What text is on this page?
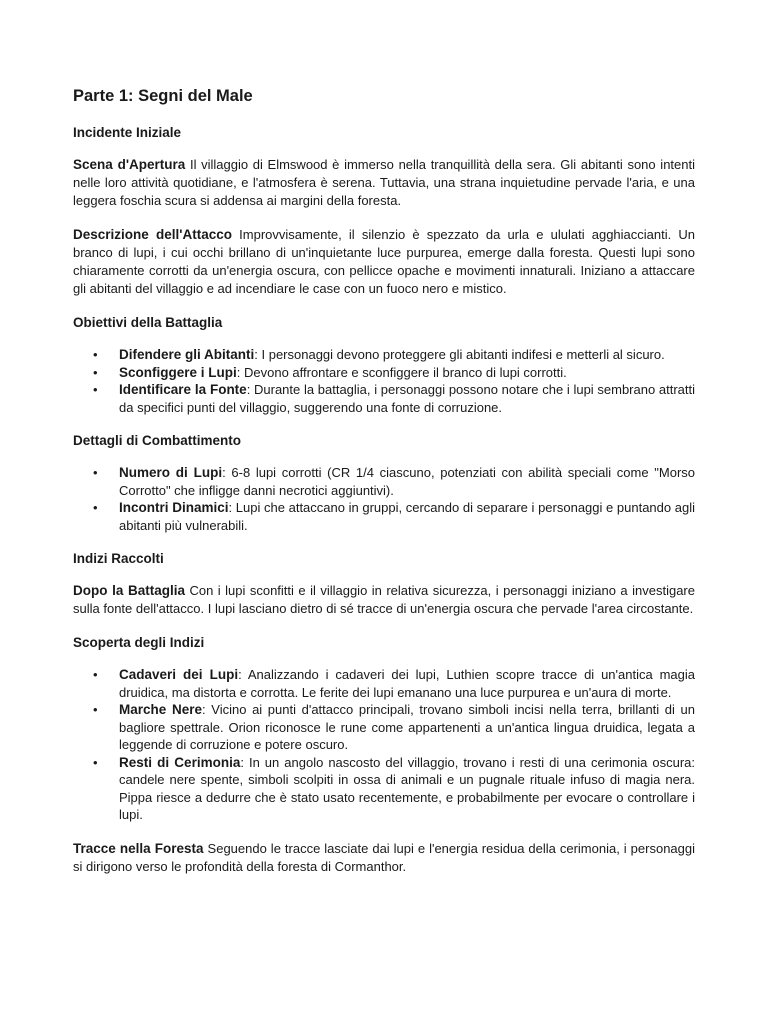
Parte 1: Segni del Male
Incidente Iniziale

Scena d'Apertura Il villaggio di Elmswood è immerso nella tranquillità della sera. Gli abitanti sono intenti nelle loro attività quotidiane, e l'atmosfera è serena. Tuttavia, una strana inquietudine pervade l'aria, e una leggera foschia scura si addensa ai margini della foresta.

Descrizione dell'Attacco Improvvisamente, il silenzio è spezzato da urla e ululati agghiaccianti. Un branco di lupi, i cui occhi brillano di un'inquietante luce purpurea, emerge dalla foresta. Questi lupi sono chiaramente corrotti da un'energia oscura, con pellicce opache e movimenti innaturali. Iniziano a attaccare gli abitanti del villaggio e ad incendiare le case con un fuoco nero e mistico.

Obiettivi della Battaglia
• Difendere gli Abitanti: I personaggi devono proteggere gli abitanti indifesi e metterli al sicuro.
• Sconfiggere i Lupi: Devono affrontare e sconfiggere il branco di lupi corrotti.
• Identificare la Fonte: Durante la battaglia, i personaggi possono notare che i lupi sembrano attratti da specifici punti del villaggio, suggerendo una fonte di corruzione.
Dettagli di Combattimento
• Numero di Lupi: 6-8 lupi corrotti (CR 1/4 ciascuno, potenziati con abilità speciali come "Morso Corrotto" che infligge danni necrotici aggiuntivi).
• Incontri Dinamici: Lupi che attaccano in gruppi, cercando di separare i personaggi e puntando agli abitanti più vulnerabili.
Indizi Raccolti

Dopo la Battaglia Con i lupi sconfitti e il villaggio in relativa sicurezza, i personaggi iniziano a investigare sulla fonte dell'attacco. I lupi lasciano dietro di sé tracce di un'energia oscura che pervade l'area circostante.

Scoperta degli Indizi
• Cadaveri dei Lupi: Analizzando i cadaveri dei lupi, Luthien scopre tracce di un'antica magia druidica, ma distorta e corrotta. Le ferite dei lupi emanano una luce purpurea e un'aura di morte.
• Marche Nere: Vicino ai punti d'attacco principali, trovano simboli incisi nella terra, brillanti di un bagliore spettrale. Orion riconosce le rune come appartenenti a un'antica lingua druidica, legata a leggende di corruzione e potere oscuro.
• Resti di Cerimonia: In un angolo nascosto del villaggio, trovano i resti di una cerimonia oscura: candele nere spente, simboli scolpiti in ossa di animali e un pugnale rituale infuso di magia nera. Pippa riesce a dedurre che è stato usato recentemente, e probabilmente per evocare o controllare i lupi.

Tracce nella Foresta Seguendo le tracce lasciate dai lupi e l'energia residua della cerimonia, i personaggi si dirigono verso le profondità della foresta di Cormanthor.
